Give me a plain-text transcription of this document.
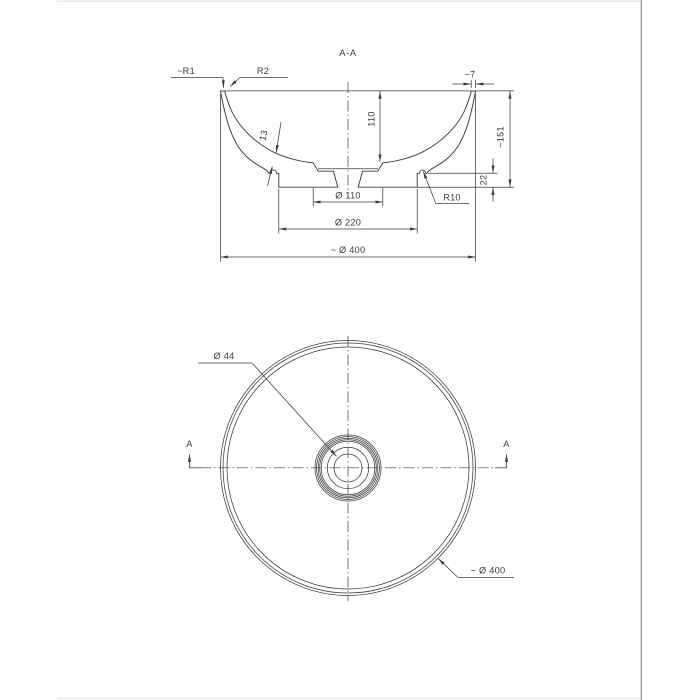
A-A
~R1	R2	~7
110
13	~151
22
R10
Ø 110
Ø 220
~ Ø 400
Ø 44
A	A
~ Ø 400
